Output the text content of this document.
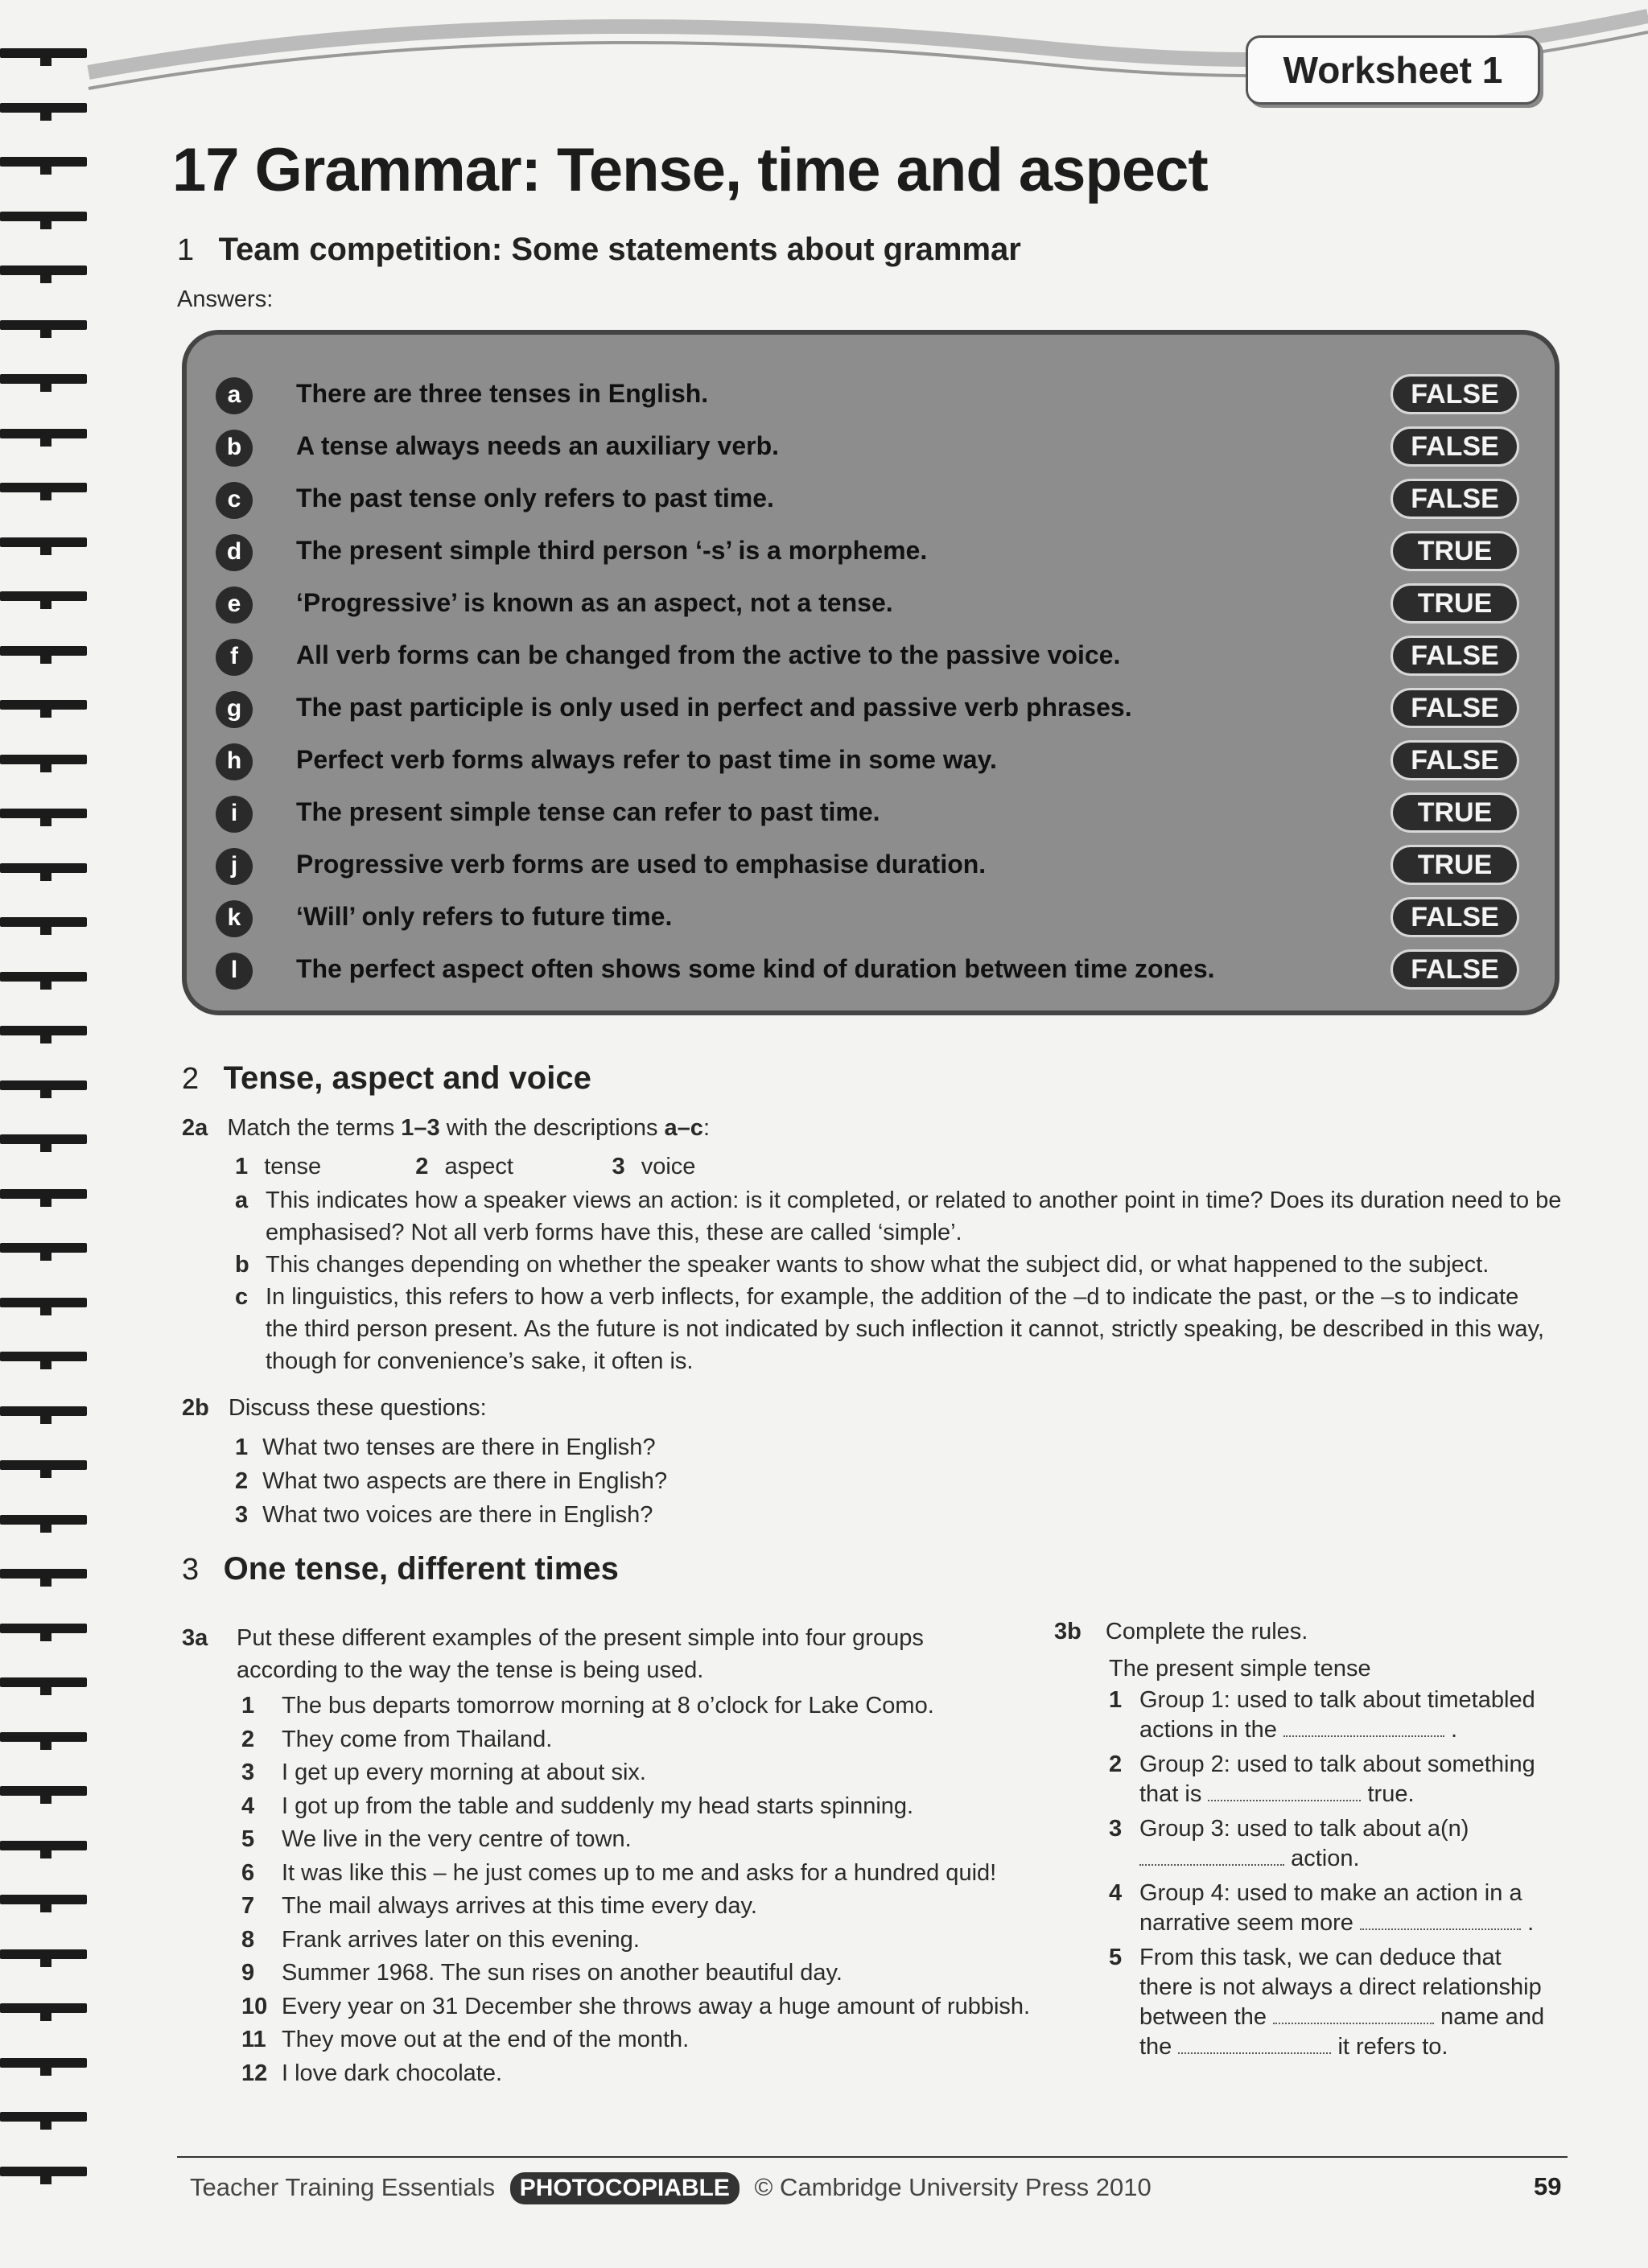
Worksheet 1
17 Grammar: Tense, time and aspect
1 Team competition: Some statements about grammar
Answers:
a	There are three tenses in English.	FALSE
b	A tense always needs an auxiliary verb.	FALSE
c	The past tense only refers to past time.	FALSE
d	The present simple third person ‘-s’ is a morpheme.	TRUE
e	‘Progressive’ is known as an aspect, not a tense.	TRUE
f	All verb forms can be changed from the active to the passive voice.	FALSE
g	The past participle is only used in perfect and passive verb phrases.	FALSE
h	Perfect verb forms always refer to past time in some way.	FALSE
i	The present simple tense can refer to past time.	TRUE
j	Progressive verb forms are used to emphasise duration.	TRUE
k	‘Will’ only refers to future time.	FALSE
l	The perfect aspect often shows some kind of duration between time zones.	FALSE
2 Tense, aspect and voice
2a Match the terms 1–3 with the descriptions a–c:
1 tense	2 aspect	3 voice
a This indicates how a speaker views an action: is it completed, or related to another point in time? Does its duration need to be
emphasised? Not all verb forms have this, these are called ‘simple’.
b This changes depending on whether the speaker wants to show what the subject did, or what happened to the subject.
c In linguistics, this refers to how a verb inflects, for example, the addition of the –d to indicate the past, or the –s to indicate
the third person present. As the future is not indicated by such inflection it cannot, strictly speaking, be described in this way,
though for convenience’s sake, it often is.
2b Discuss these questions:
1 What two tenses are there in English?
2 What two aspects are there in English?
3 What two voices are there in English?
3 One tense, different times
3a Put these different examples of the present simple into four groups
according to the way the tense is being used.
1 The bus departs tomorrow morning at 8 o’clock for Lake Como.
2 They come from Thailand.
3 I get up every morning at about six.
4 I got up from the table and suddenly my head starts spinning.
5 We live in the very centre of town.
6 It was like this – he just comes up to me and asks for a hundred quid!
7 The mail always arrives at this time every day.
8 Frank arrives later on this evening.
9 Summer 1968. The sun rises on another beautiful day.
10 Every year on 31 December she throws away a huge amount of rubbish.
11 They move out at the end of the month.
12 I love dark chocolate.
3b Complete the rules.
The present simple tense
1 Group 1: used to talk about timetabled
actions in the	.
2 Group 2: used to talk about something
that is	true.
3 Group 3: used to talk about a(n)
action.
4 Group 4: used to make an action in a
narrative seem more	.
5 From this task, we can deduce that
there is not always a direct relationship
between the	name and
the	it refers to.
Teacher Training Essentials PHOTOCOPIABLE © Cambridge University Press 2010	59
